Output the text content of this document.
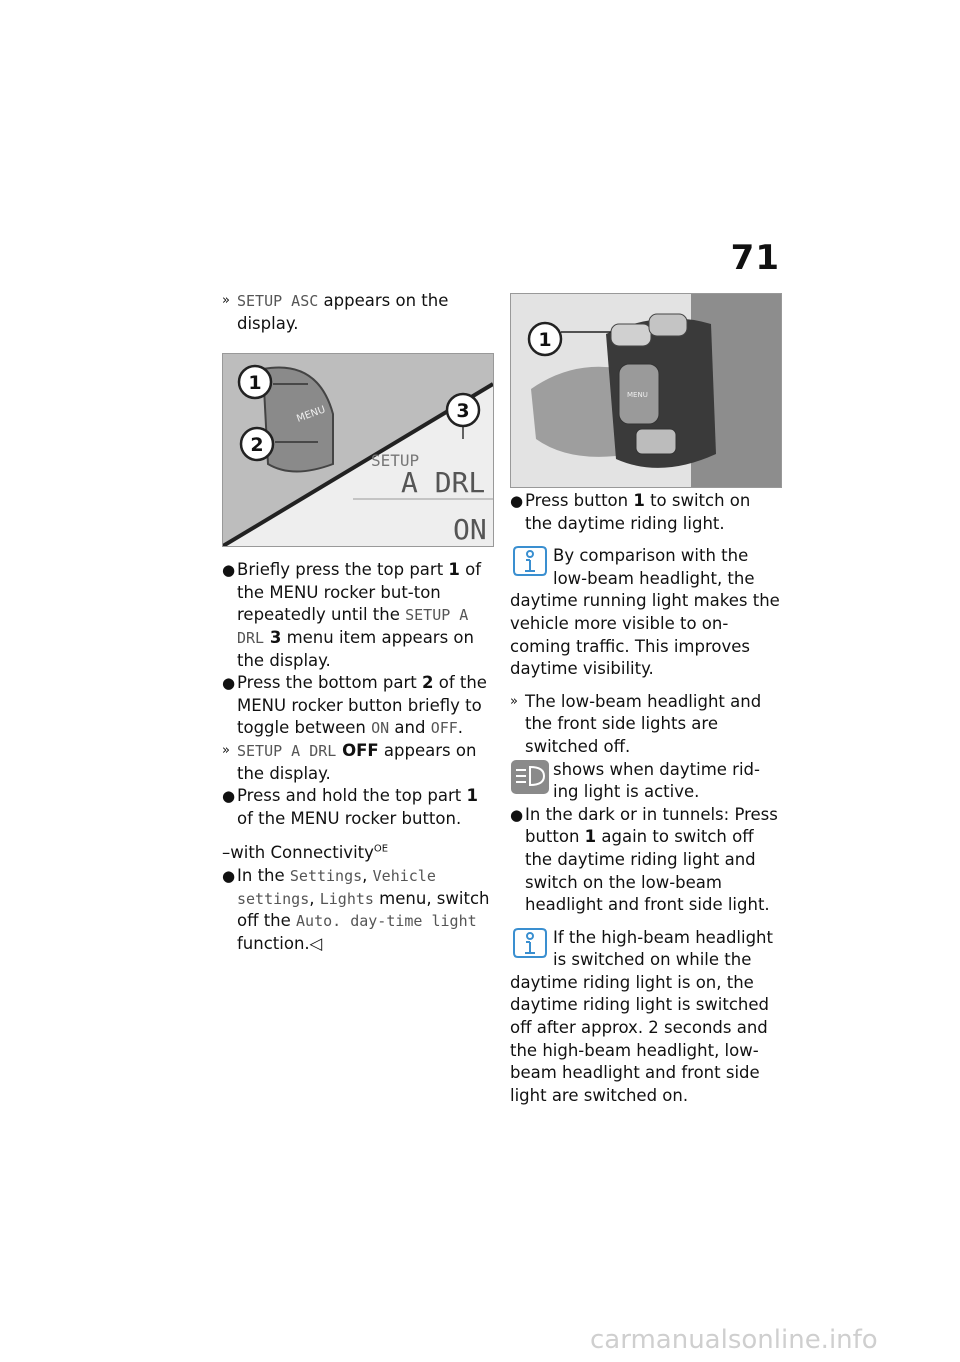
71
» SETUP ASC appears on the display.
MENU
SETUP
A DRL
ON
1
2
3
● Briefly press the top part 1 of the MENU rocker but-ton repeatedly until the SETUP A DRL 3 menu item appears on the display.
● Press the bottom part 2 of the MENU rocker button briefly to toggle between ON and OFF.
» SETUP A DRL OFF appears on the display.
● Press and hold the top part 1 of the MENU rocker button.
–with Connectivity$^{OE}$
● In the Settings, Vehicle settings, Lights menu, switch off the Auto. day-time light function.◁
MENU
1
● Press button 1 to switch on the daytime riding light.
By comparison with the low-beam headlight, the daytime running light makes the vehicle more visible to on-coming traffic. This improves daytime visibility.
» The low-beam headlight and the front side lights are switched off.
shows when daytime rid-ing light is active.
● In the dark or in tunnels: Press button 1 again to switch off the daytime riding light and switch on the low-beam headlight and front side light.
If the high-beam headlight is switched on while the daytime riding light is on, the daytime riding light is switched off after approx. 2 seconds and the high-beam headlight, low-beam headlight and front side light are switched on.
carmanualsonline.info
